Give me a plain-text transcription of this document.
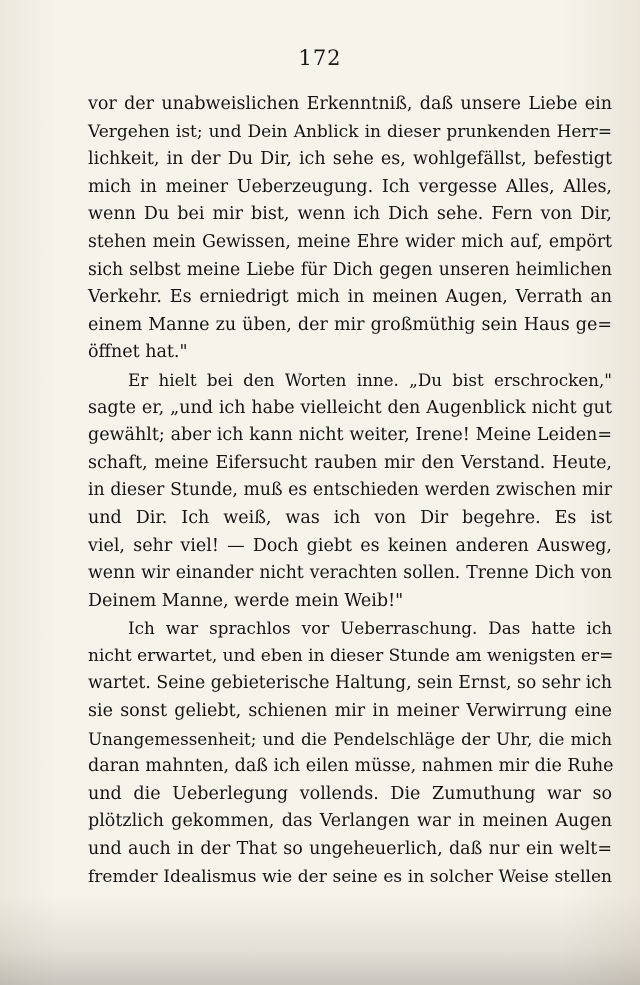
172
vor der unabweislichen Erkenntniß, daß unsere Liebe ein
Vergehen ist; und Dein Anblick in dieser prunkenden Herr=
lichkeit, in der Du Dir, ich sehe es, wohlgefällst, befestigt
mich in meiner Ueberzeugung. Ich vergesse Alles, Alles,
wenn Du bei mir bist, wenn ich Dich sehe. Fern von Dir,
stehen mein Gewissen, meine Ehre wider mich auf, empört
sich selbst meine Liebe für Dich gegen unseren heimlichen
Verkehr. Es erniedrigt mich in meinen Augen, Verrath an
einem Manne zu üben, der mir großmüthig sein Haus ge=
öffnet hat."
Er hielt bei den Worten inne. „Du bist erschrocken,"
sagte er, „und ich habe vielleicht den Augenblick nicht gut
gewählt; aber ich kann nicht weiter, Irene! Meine Leiden=
schaft, meine Eifersucht rauben mir den Verstand. Heute,
in dieser Stunde, muß es entschieden werden zwischen mir
und Dir. Ich weiß, was ich von Dir begehre. Es ist
viel, sehr viel! — Doch giebt es keinen anderen Ausweg,
wenn wir einander nicht verachten sollen. Trenne Dich von
Deinem Manne, werde mein Weib!"
Ich war sprachlos vor Ueberraschung. Das hatte ich
nicht erwartet, und eben in dieser Stunde am wenigsten er=
wartet. Seine gebieterische Haltung, sein Ernst, so sehr ich
sie sonst geliebt, schienen mir in meiner Verwirrung eine
Unangemessenheit; und die Pendelschläge der Uhr, die mich
daran mahnten, daß ich eilen müsse, nahmen mir die Ruhe
und die Ueberlegung vollends. Die Zumuthung war so
plötzlich gekommen, das Verlangen war in meinen Augen
und auch in der That so ungeheuerlich, daß nur ein welt=
fremder Idealismus wie der seine es in solcher Weise stellen
